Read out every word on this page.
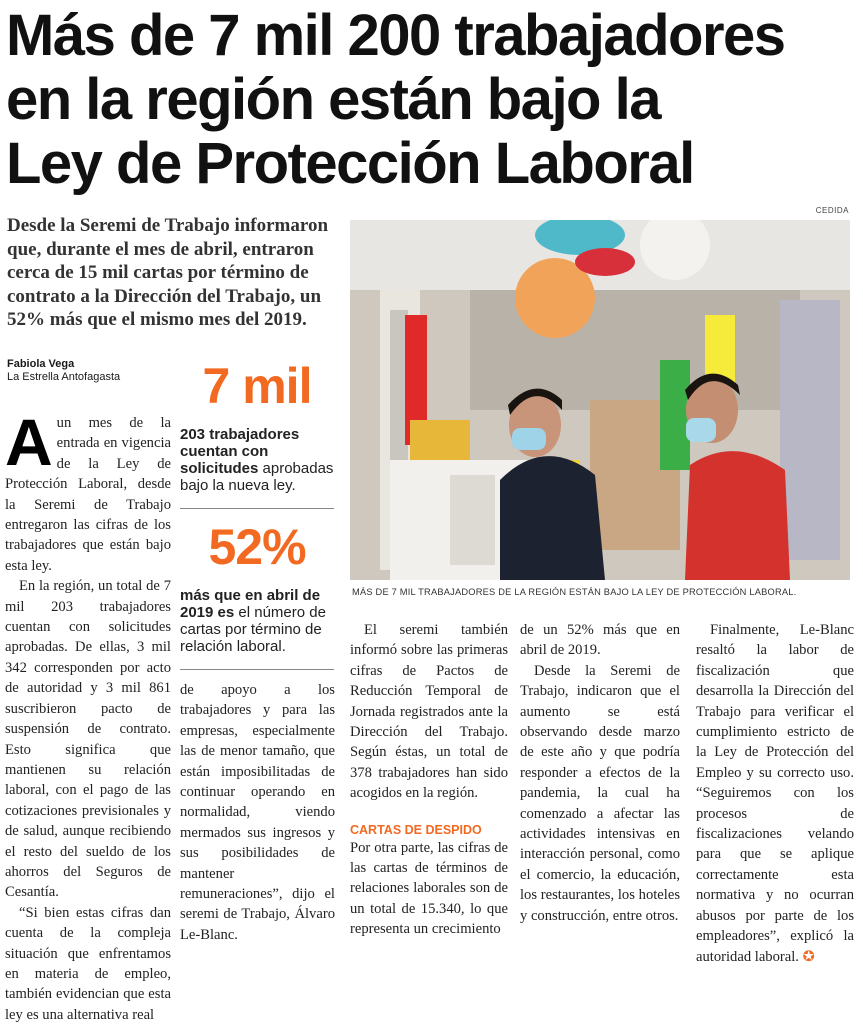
Más de 7 mil 200 trabajadores
en la región están bajo la
Ley de Protección Laboral
Desde la Seremi de Trabajo informaron que, durante el mes de abril, entraron cerca de 15 mil cartas por término de contrato a la Dirección del Trabajo, un 52% más que el mismo mes del 2019.
Fabiola Vega
La Estrella Antofagasta

Aun mes de la entrada en vigencia de la Ley de Protección Laboral, desde la Seremi de Trabajo entregaron las cifras de los trabajadores que están bajo esta ley.

En la región, un total de 7 mil 203 trabajadores cuentan con solicitudes aprobadas. De ellas, 3 mil 342 corresponden por acto de autoridad y 3 mil 861 suscribieron pacto de suspensión de contrato. Esto significa que mantienen su relación laboral, con el pago de las cotizaciones previsionales y de salud, aunque recibiendo el resto del sueldo de los ahorros del Seguros de Cesantía.

“Si bien estas cifras dan cuenta de la compleja situación que enfrentamos en materia de empleo, también evidencian que esta ley es una alternativa real

7 mil
203 trabajadores cuentan con solicitudes aprobadas bajo la nueva ley.
52%
más que en abril de 2019 es el número de cartas por término de relación laboral.

de apoyo a los trabajadores y para las empresas, especialmente las de menor tamaño, que están imposibilitadas de continuar operando en normalidad, viendo mermados sus ingresos y sus posibilidades de mantener remuneraciones”, dijo el seremi de Trabajo, Álvaro Le-Blanc.

CEDIDA
MÁS DE 7 MIL TRABAJADORES DE LA REGIÓN ESTÁN BAJO LA LEY DE PROTECCIÓN LABORAL.

El seremi también informó sobre las primeras cifras de Pactos de Reducción Temporal de Jornada registrados ante la Dirección del Trabajo. Según éstas, un total de 378 trabajadores han sido acogidos en la región.

CARTAS DE DESPIDO

Por otra parte, las cifras de las cartas de términos de relaciones laborales son de un total de 15.340, lo que representa un crecimiento

de un 52% más que en abril de 2019.

Desde la Seremi de Trabajo, indicaron que el aumento se está observando desde marzo de este año y que podría responder a efectos de la pandemia, la cual ha comenzado a afectar las actividades intensivas en interacción personal, como el comercio, la educación, los restaurantes, los hoteles y construcción, entre otros.

Finalmente, Le-Blanc resaltó la labor de fiscalización que desarrolla la Dirección del Trabajo para verificar el cumplimiento estricto de la Ley de Protección del Empleo y su correcto uso. “Seguiremos con los procesos de fiscalizaciones velando para que se aplique correctamente esta normativa y no ocurran abusos por parte de los empleadores”, explicó la autoridad laboral. ✪
